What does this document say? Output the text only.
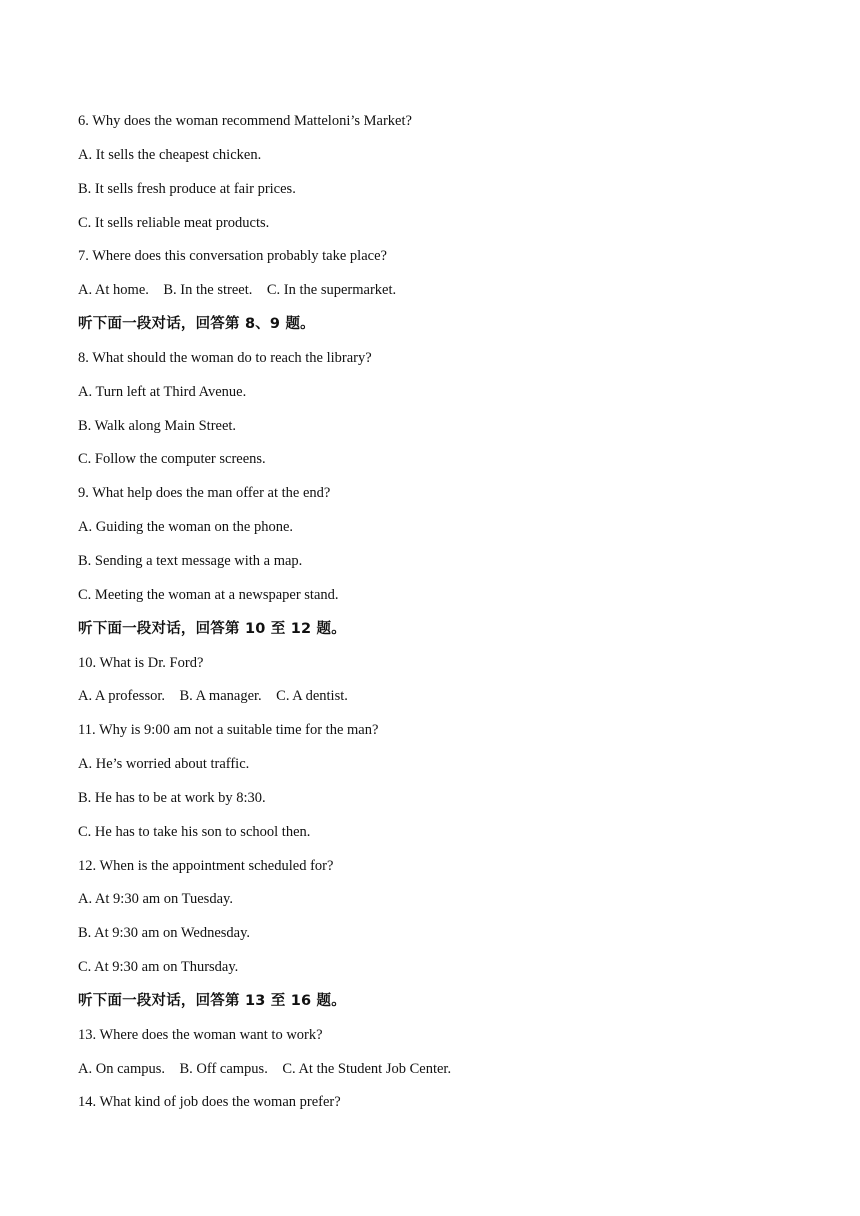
6. Why does the woman recommend Matteloni’s Market?
A. It sells the cheapest chicken.
B. It sells fresh produce at fair prices.
C. It sells reliable meat products.
7. Where does this conversation probably take place?
A. At home.    B. In the street.    C. In the supermarket.
听下面一段对话，回答第 8、9 题。
8. What should the woman do to reach the library?
A. Turn left at Third Avenue.
B. Walk along Main Street.
C. Follow the computer screens.
9. What help does the man offer at the end?
A. Guiding the woman on the phone.
B. Sending a text message with a map.
C. Meeting the woman at a newspaper stand.
听下面一段对话，回答第 10 至 12 题。
10. What is Dr. Ford?
A. A professor.    B. A manager.    C. A dentist.
11. Why is 9:00 am not a suitable time for the man?
A. He’s worried about traffic.
B. He has to be at work by 8:30.
C. He has to take his son to school then.
12. When is the appointment scheduled for?
A. At 9:30 am on Tuesday.
B. At 9:30 am on Wednesday.
C. At 9:30 am on Thursday.
听下面一段对话，回答第 13 至 16 题。
13. Where does the woman want to work?
A. On campus.    B. Off campus.    C. At the Student Job Center.
14. What kind of job does the woman prefer?
